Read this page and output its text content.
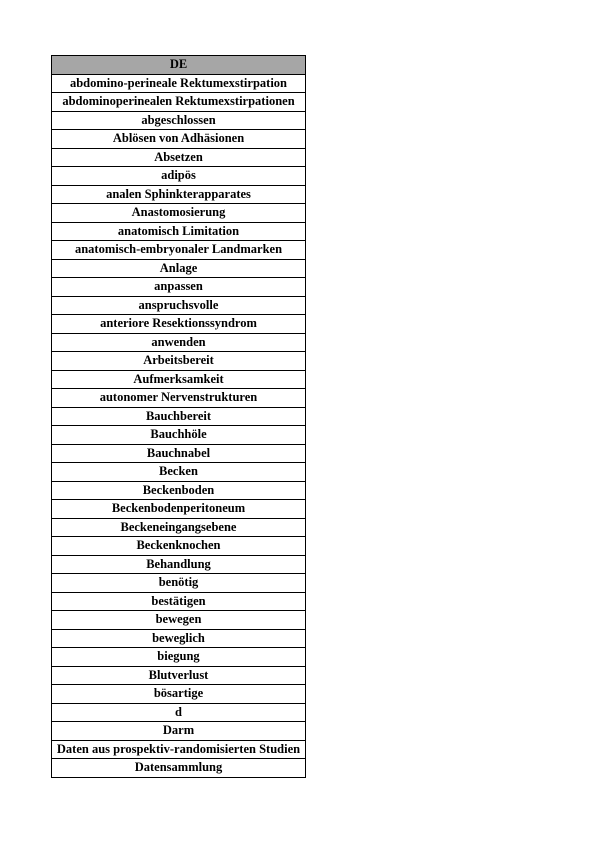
DE

abdomino-perineale Rektumexstirpation

abdominoperinealen Rektumexstirpationen

abgeschlossen

Ablösen von Adhäsionen

Absetzen

adipös

analen Sphinkterapparates

Anastomosierung

anatomisch Limitation

anatomisch-embryonaler Landmarken

Anlage

anpassen

anspruchsvolle

anteriore Resektionssyndrom

anwenden

Arbeitsbereit

Aufmerksamkeit

autonomer Nervenstrukturen

Bauchbereit

Bauchhöle

Bauchnabel

Becken

Beckenboden

Beckenbodenperitoneum

Beckeneingangsebene

Beckenknochen

Behandlung

benötig

bestätigen

bewegen

beweglich

biegung

Blutverlust

bösartige

d

Darm

Daten aus prospektiv-randomisierten Studien

Datensammlung
